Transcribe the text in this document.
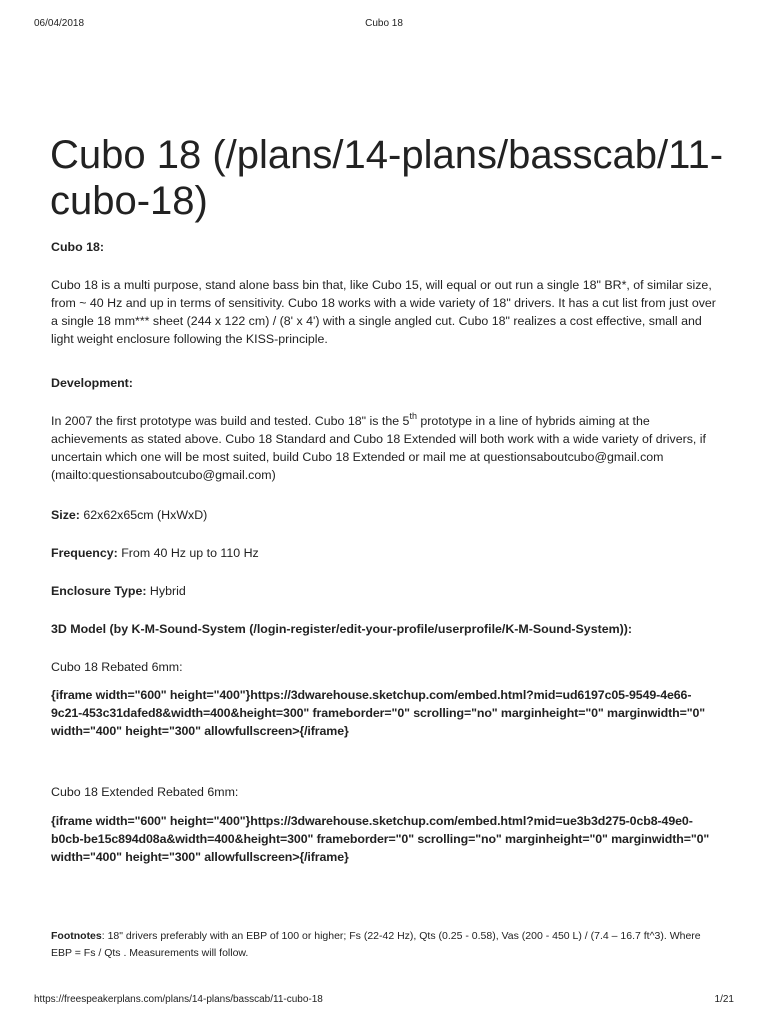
06/04/2018	Cubo 18
Cubo 18 (/plans/14-plans/basscab/11-cubo-18)

Cubo 18:

Cubo 18 is a multi purpose, stand alone bass bin that, like Cubo 15, will equal or out run a single 18" BR*, of similar size, from ~ 40 Hz and up in terms of sensitivity. Cubo 18 works with a wide variety of 18" drivers. It has a cut list from just over a single 18 mm*** sheet (244 x 122 cm) / (8' x 4') with a single angled cut. Cubo 18" realizes a cost effective, small and light weight enclosure following the KISS-principle.

Development:

In 2007 the first prototype was build and tested. Cubo 18" is the 5th prototype in a line of hybrids aiming at the achievements as stated above. Cubo 18 Standard and Cubo 18 Extended will both work with a wide variety of drivers, if uncertain which one will be most suited, build Cubo 18 Extended or mail me at questionsaboutcubo@gmail.com (mailto:questionsaboutcubo@gmail.com)

Size: 62x62x65cm (HxWxD)

Frequency: From 40 Hz up to 110 Hz

Enclosure Type: Hybrid

3D Model (by K-M-Sound-System (/login-register/edit-your-profile/userprofile/K-M-Sound-System)):

Cubo 18 Rebated 6mm:

{iframe width="600" height="400"}https://3dwarehouse.sketchup.com/embed.html?mid=ud6197c05-9549-4e66-9c21-453c31dafed8&width=400&height=300" frameborder="0" scrolling="no" marginheight="0" marginwidth="0" width="400" height="300" allowfullscreen>{/iframe}

Cubo 18 Extended Rebated 6mm:

{iframe width="600" height="400"}https://3dwarehouse.sketchup.com/embed.html?mid=ue3b3d275-0cb8-49e0-b0cb-be15c894d08a&width=400&height=300" frameborder="0" scrolling="no" marginheight="0" marginwidth="0" width="400" height="300" allowfullscreen>{/iframe}

Footnotes: 18" drivers preferably with an EBP of 100 or higher; Fs (22-42 Hz), Qts (0.25 - 0.58), Vas (200 - 450 L) / (7.4 – 16.7 ft^3). Where EBP = Fs / Qts . Measurements will follow.

https://freespeakerplans.com/plans/14-plans/basscab/11-cubo-18	1/21
